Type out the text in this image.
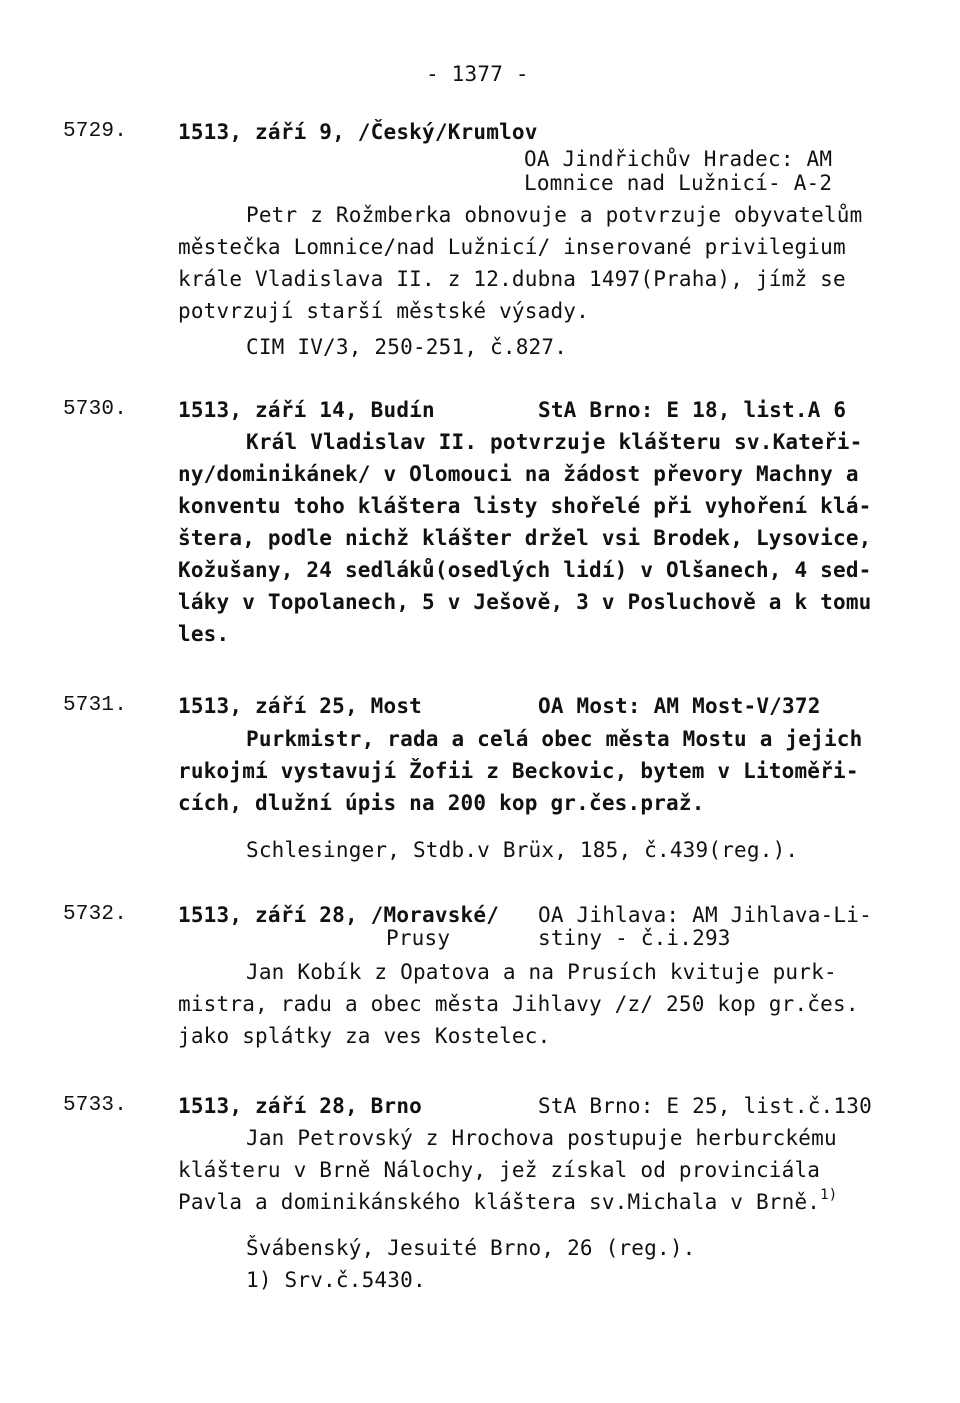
- 1377 -
5729. 1513, září 9, /Český/Krumlov
OA Jindřichův Hradec: AM
Lomnice nad Lužnicí- A-2
Petr z Rožmberka obnovuje a potvrzuje obyvatelům
městečka Lomnice/nad Lužnicí/ inserované privilegium
krále Vladislava II. z 12.dubna 1497(Praha), jímž se
potvrzují starší městské výsady.
CIM IV/3, 250-251, č.827.
5730. 1513, září 14, Budín	StA Brno: E 18, list.A 6
Král Vladislav II. potvrzuje klášteru sv.Kateři-
ny/dominikánek/ v Olomouci na žádost převory Machny a
konventu toho kláštera listy shořelé při vyhoření klá-
štera, podle nichž klášter držel vsi Brodek, Lysovice,
Kožušany, 24 sedláků(osedlých lidí) v Olšanech, 4 sed-
láky v Topolanech, 5 v Ješově, 3 v Posluchově a k tomu
les.
5731. 1513, září 25, Most	OA Most: AM Most-V/372
Purkmistr, rada a celá obec města Mostu a jejich
rukojmí vystavují Žofii z Beckovic, bytem v Litoměři-
cích, dlužní úpis na 200 kop gr.čes.praž.
Schlesinger, Stdb.v Brüx, 185, č.439(reg.).
5732. 1513, září 28, /Moravské/
Prusy
OA Jihlava: AM Jihlava-Li-
stiny - č.i.293
Jan Kobík z Opatova a na Prusích kvituje purk-
mistra, radu a obec města Jihlavy /z/ 250 kop gr.čes.
jako splátky za ves Kostelec.
5733. 1513, září 28, Brno	StA Brno: E 25, list.č.130
Jan Petrovský z Hrochova postupuje herburckému
klášteru v Brně Nálochy, jež získal od provinciála
Pavla a dominikánského kláštera sv.Michala v Brně.$^{1)}$
Švábenský, Jesuité Brno, 26 (reg.).
1) Srv.č.5430.
